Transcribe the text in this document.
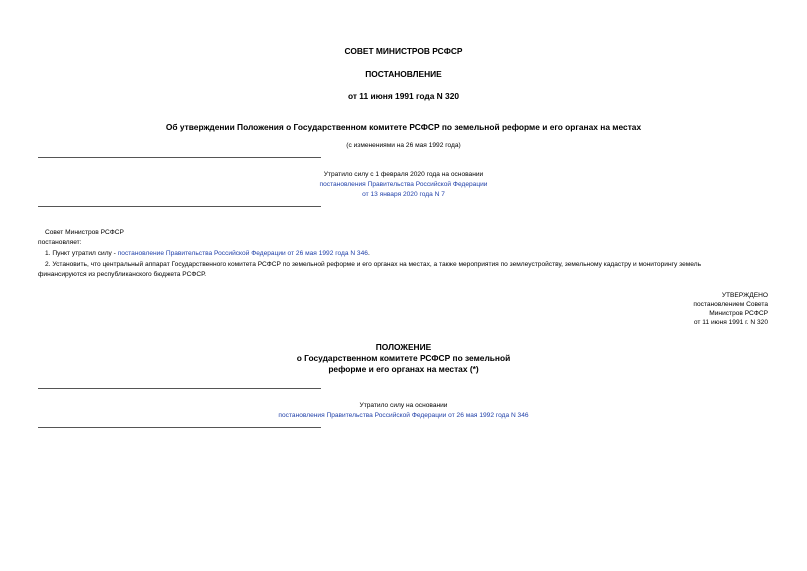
СОВЕТ МИНИСТРОВ РСФСР
ПОСТАНОВЛЕНИЕ
от 11 июня 1991 года N 320
Об утверждении Положения о Государственном комитете РСФСР по земельной реформе и его органах на местах
(с изменениями на 26 мая 1992 года)
Утратило силу с 1 февраля 2020 года на основании
постановления Правительства Российской Федерации
от 13 января 2020 года N 7
Совет Министров РСФСР
постановляет:
1. Пункт утратил силу - постановление Правительства Российской Федерации от 26 мая 1992 года N 346.
2. Установить, что центральный аппарат Государственного комитета РСФСР по земельной реформе и его органах на местах, а также мероприятия по землеустройству, земельному кадастру и мониторингу земель
финансируются из республиканского бюджета РСФСР.
УТВЕРЖДЕНО
постановлением Совета
Министров РСФСР
от 11 июня 1991 г. N 320
ПОЛОЖЕНИЕ
о Государственном комитете РСФСР по земельной
реформе и его органах на местах (*)
Утратило силу на основании
постановления Правительства Российской Федерации от 26 мая 1992 года N 346
